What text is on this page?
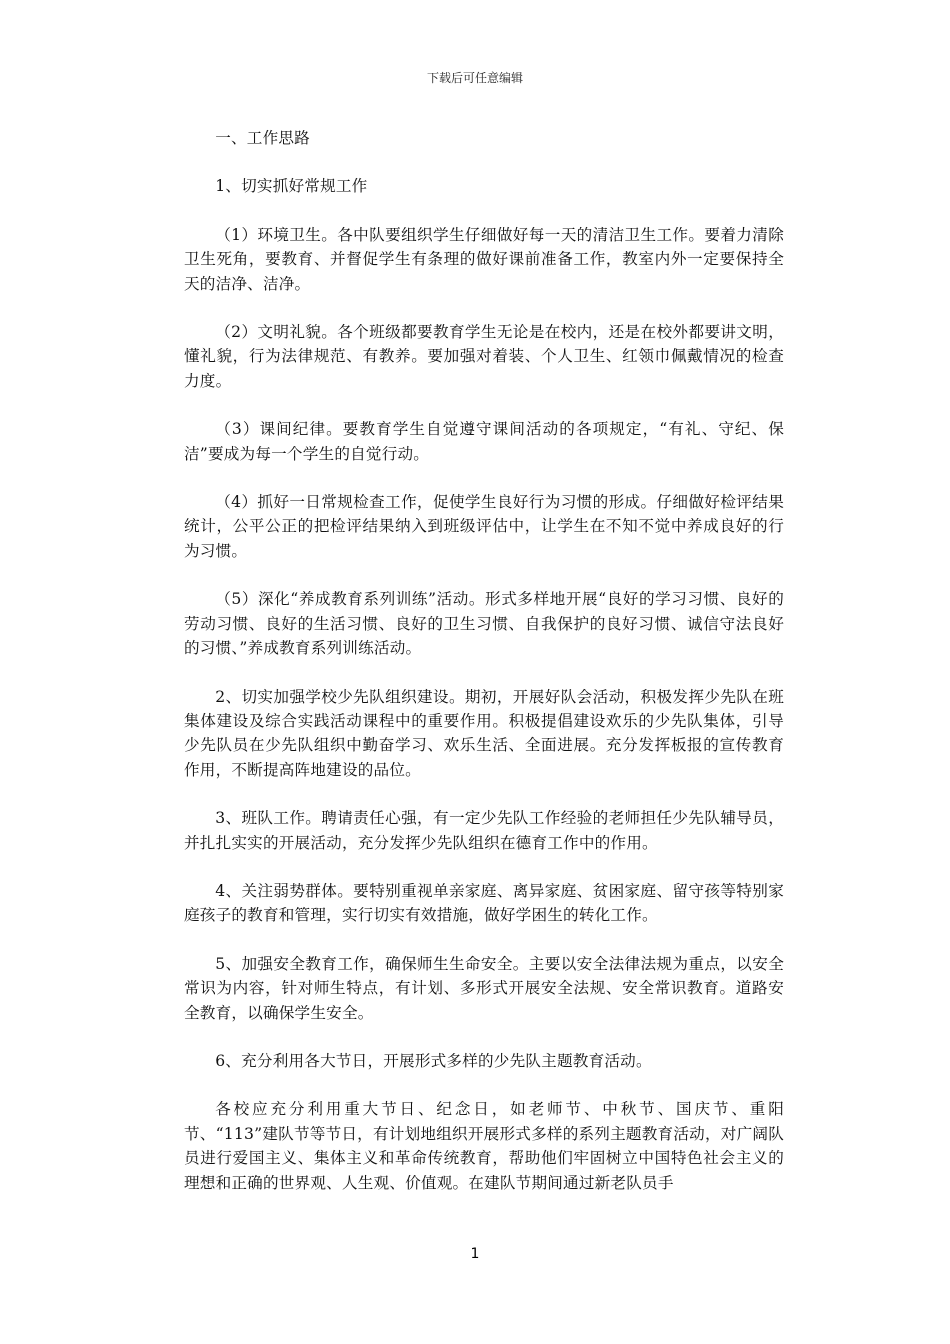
下载后可任意编辑

一、工作思路

1、切实抓好常规工作

（1）环境卫生。各中队要组织学生仔细做好每一天的清洁卫生工作。要着力清除卫生死角，要教育、并督促学生有条理的做好课前准备工作，教室内外一定要保持全天的洁净、洁净。

（2）文明礼貌。各个班级都要教育学生无论是在校内，还是在校外都要讲文明，懂礼貌，行为法律规范、有教养。要加强对着装、个人卫生、红领巾佩戴情况的检查力度。

（3）课间纪律。要教育学生自觉遵守课间活动的各项规定，“有礼、守纪、保洁”要成为每一个学生的自觉行动。

（4）抓好一日常规检查工作，促使学生良好行为习惯的形成。仔细做好检评结果统计，公平公正的把检评结果纳入到班级评估中，让学生在不知不觉中养成良好的行为习惯。

（5）深化“养成教育系列训练”活动。形式多样地开展“良好的学习习惯、良好的劳动习惯、良好的生活习惯、良好的卫生习惯、自我保护的良好习惯、诚信守法良好的习惯、”养成教育系列训练活动。

2、切实加强学校少先队组织建设。期初，开展好队会活动，积极发挥少先队在班集体建设及综合实践活动课程中的重要作用。积极提倡建设欢乐的少先队集体，引导少先队员在少先队组织中勤奋学习、欢乐生活、全面进展。充分发挥板报的宣传教育作用，不断提高阵地建设的品位。

3、班队工作。聘请责任心强，有一定少先队工作经验的老师担任少先队辅导员，并扎扎实实的开展活动，充分发挥少先队组织在德育工作中的作用。

4、关注弱势群体。要特别重视单亲家庭、离异家庭、贫困家庭、留守孩等特别家庭孩子的教育和管理，实行切实有效措施，做好学困生的转化工作。

5、加强安全教育工作，确保师生生命安全。主要以安全法律法规为重点，以安全常识为内容，针对师生特点，有计划、多形式开展安全法规、安全常识教育。道路安全教育，以确保学生安全。

6、充分利用各大节日，开展形式多样的少先队主题教育活动。

各校应充分利用重大节日、纪念日，如老师节、中秋节、国庆节、重阳节、“113”建队节等节日，有计划地组织开展形式多样的系列主题教育活动，对广阔队员进行爱国主义、集体主义和革命传统教育，帮助他们牢固树立中国特色社会主义的理想和正确的世界观、人生观、价值观。在建队节期间通过新老队员手

1
